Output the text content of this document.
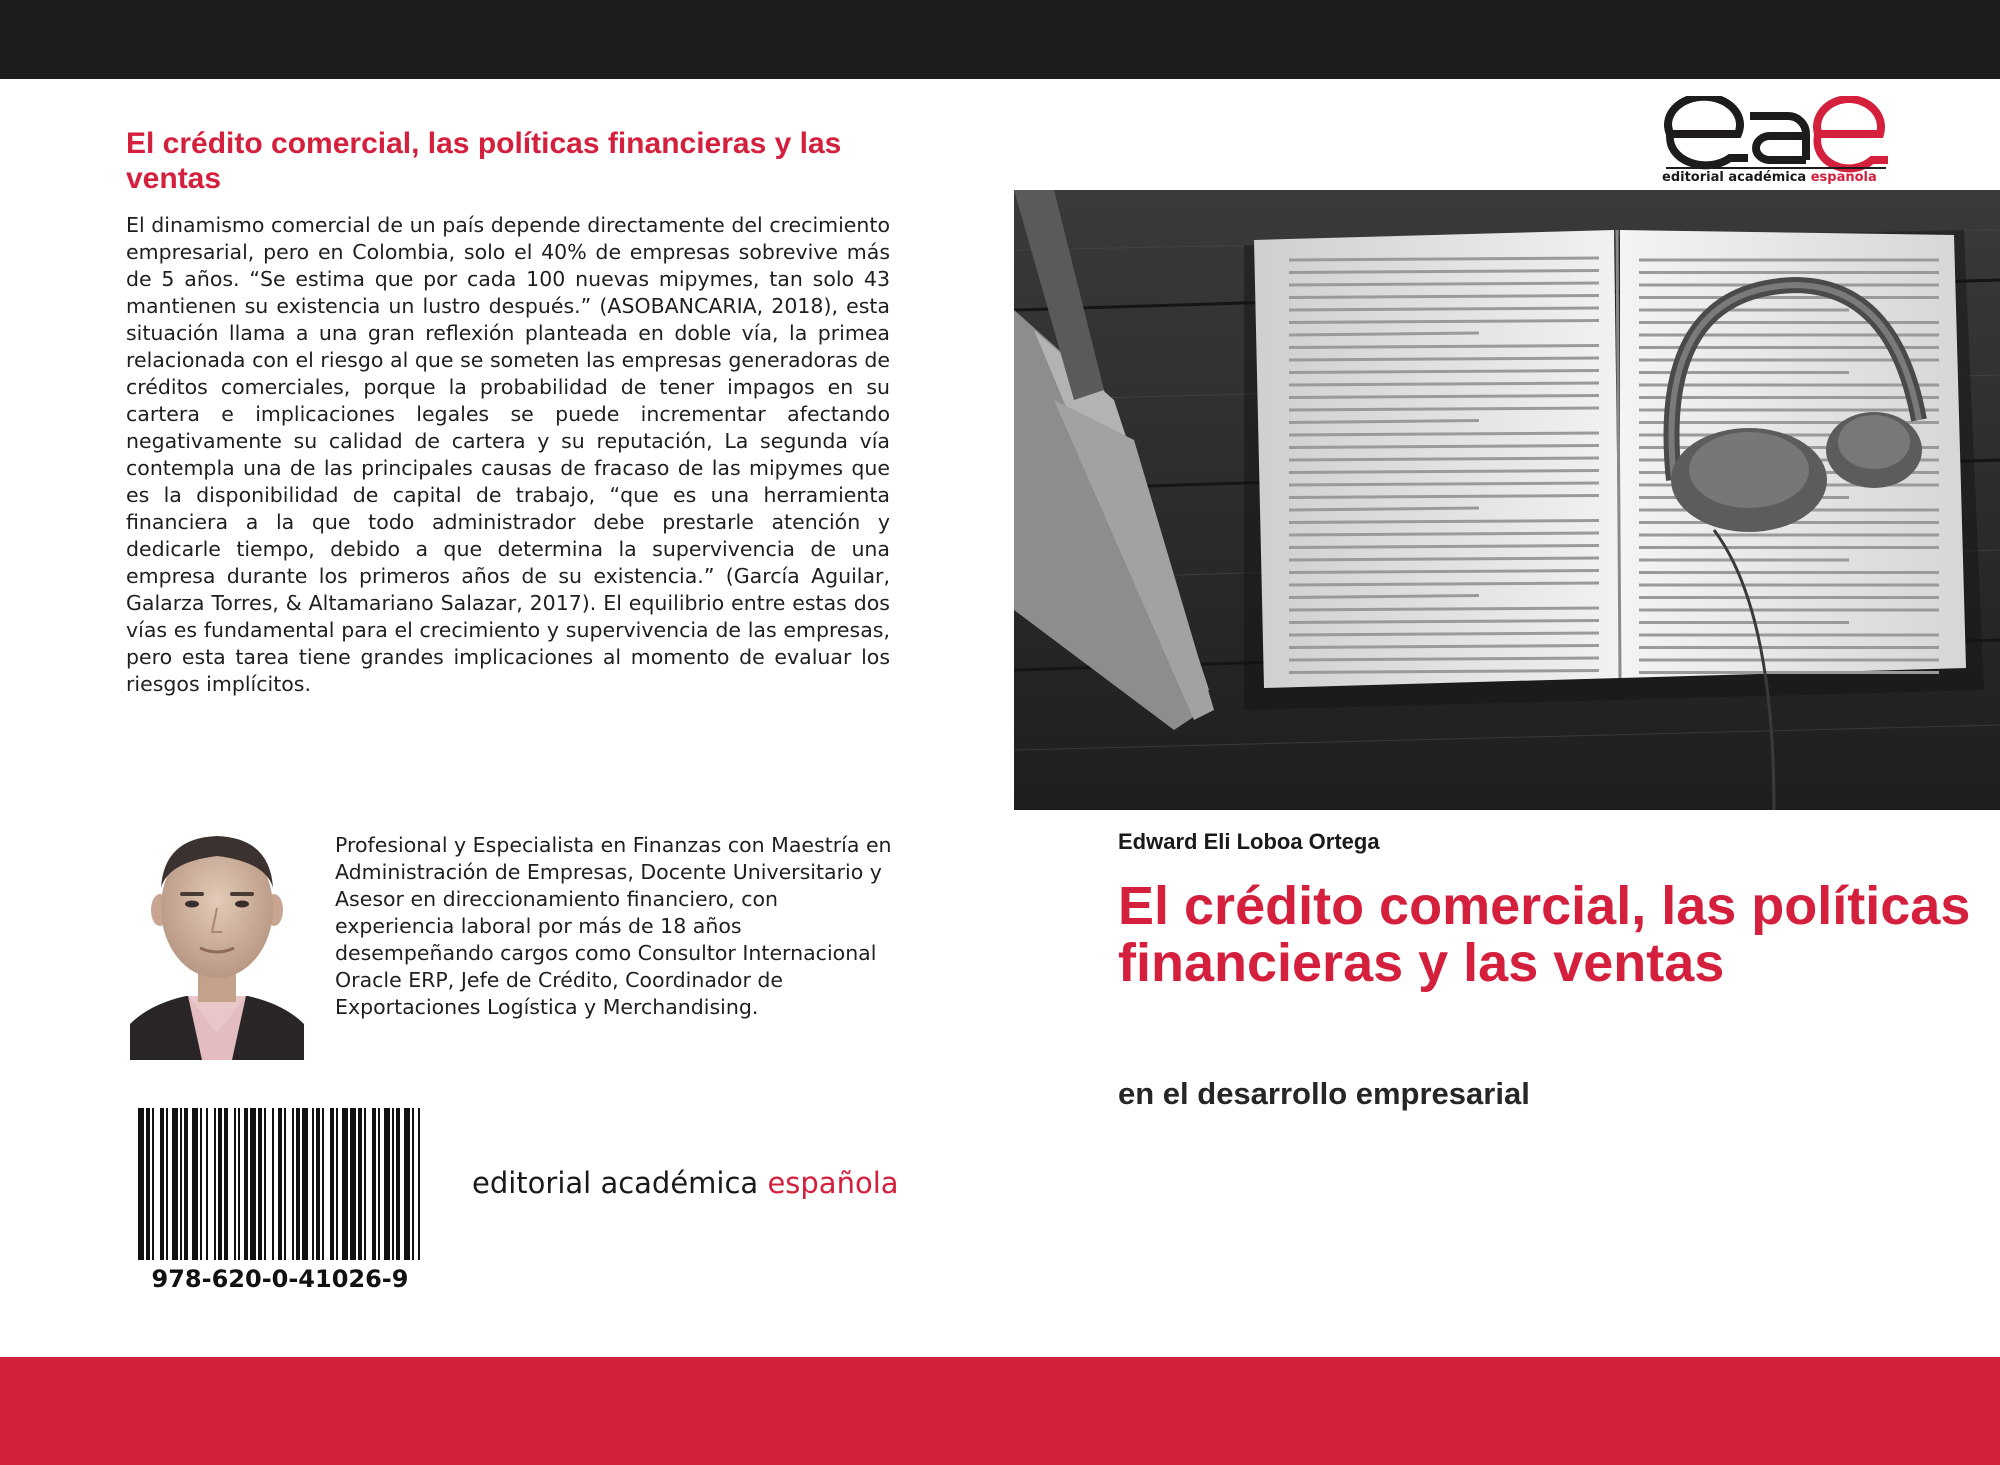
El crédito comercial, las políticas financieras y las ventas

El dinamismo comercial de un país depende directamente del crecimiento empresarial, pero en Colombia, solo el 40% de empresas sobrevive más de 5 años. “Se estima que por cada 100 nuevas mipymes, tan solo 43 mantienen su existencia un lustro después.” (ASOBANCARIA, 2018), esta situación llama a una gran reflexión planteada en doble vía, la primea relacionada con el riesgo al que se someten las empresas generadoras de créditos comerciales, porque la probabilidad de tener impagos en su cartera e implicaciones legales se puede incrementar afectando negativamente su calidad de cartera y su reputación, La segunda vía contempla una de las principales causas de fracaso de las mipymes que es la disponibilidad de capital de trabajo, “que es una herramienta financiera a la que todo administrador debe prestarle atención y dedicarle tiempo, debido a que determina la supervivencia de una empresa durante los primeros años de su existencia.” (García Aguilar, Galarza Torres, & Altamariano Salazar, 2017). El equilibrio entre estas dos vías es fundamental para el crecimiento y supervivencia de las empresas, pero esta tarea tiene grandes implicaciones al momento de evaluar los riesgos implícitos.

Profesional y Especialista en Finanzas con Maestría en Administración de Empresas, Docente Universitario y Asesor en direccionamiento financiero, con experiencia laboral por más de 18 años desempeñando cargos como Consultor Internacional Oracle ERP, Jefe de Crédito, Coordinador de Exportaciones Logística y Merchandising.

978-620-0-41026-9
editorial académica española
editorial académica española
Edward Eli Loboa Ortega
El crédito comercial, las políticas financieras y las ventas
en el desarrollo empresarial
